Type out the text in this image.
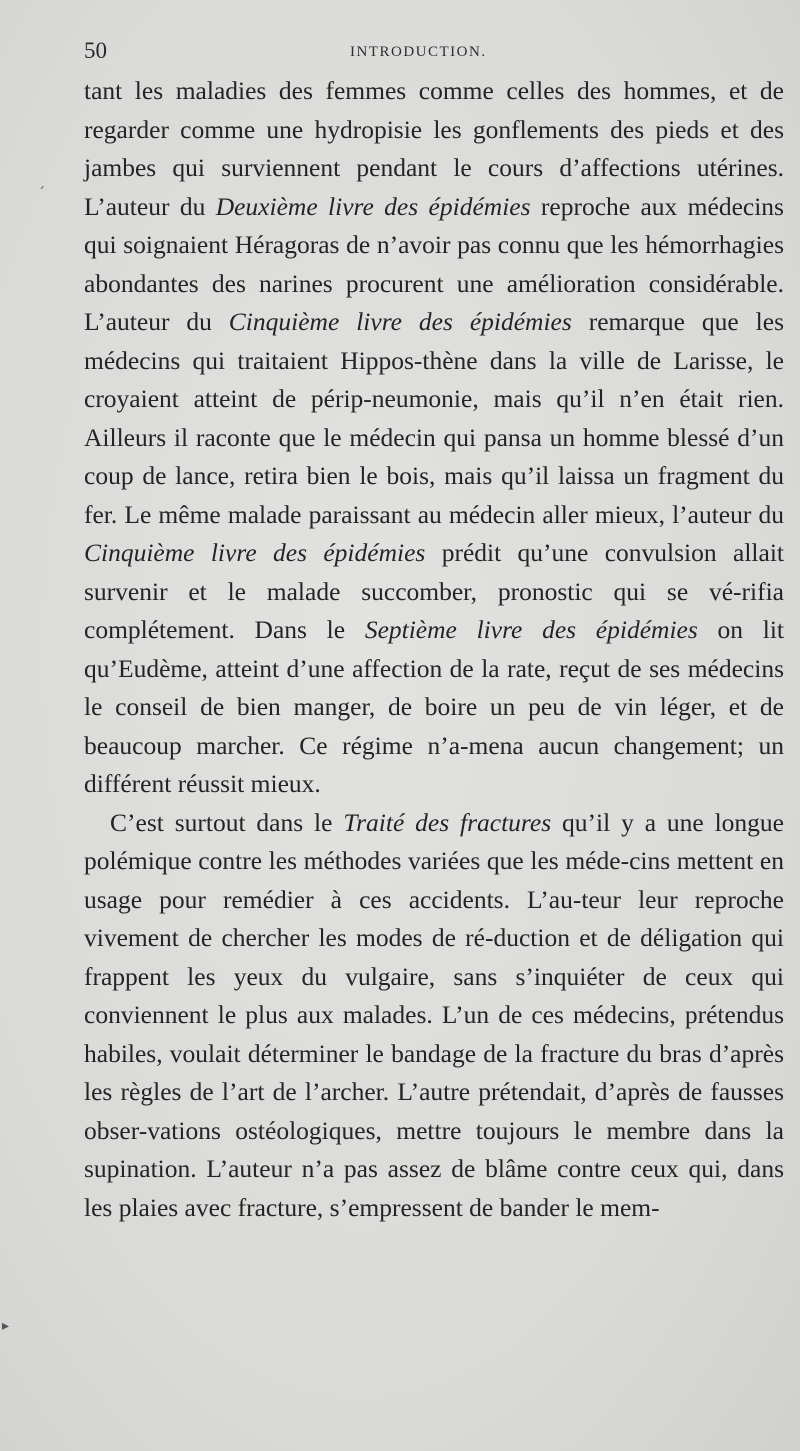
50	INTRODUCTION.

tant les maladies des femmes comme celles des hommes, et de regarder comme une hydropisie les gonflements des pieds et des jambes qui surviennent pendant le cours d’affections utérines. L’auteur du Deuxième livre des épidémies reproche aux médecins qui soignaient Héragoras de n’avoir pas connu que les hémorrhagies abondantes des narines procurent une amélioration considérable. L’auteur du Cinquième livre des épidémies remarque que les médecins qui traitaient Hippos-thène dans la ville de Larisse, le croyaient atteint de périp-neumonie, mais qu’il n’en était rien. Ailleurs il raconte que le médecin qui pansa un homme blessé d’un coup de lance, retira bien le bois, mais qu’il laissa un fragment du fer. Le même malade paraissant au médecin aller mieux, l’auteur du Cinquième livre des épidémies prédit qu’une convulsion allait survenir et le malade succomber, pronostic qui se vé-rifia complétement. Dans le Septième livre des épidémies on lit qu’Eudème, atteint d’une affection de la rate, reçut de ses médecins le conseil de bien manger, de boire un peu de vin léger, et de beaucoup marcher. Ce régime n’a-mena aucun changement; un différent réussit mieux.

C’est surtout dans le Traité des fractures qu’il y a une longue polémique contre les méthodes variées que les méde-cins mettent en usage pour remédier à ces accidents. L’au-teur leur reproche vivement de chercher les modes de ré-duction et de déligation qui frappent les yeux du vulgaire, sans s’inquiéter de ceux qui conviennent le plus aux malades. L’un de ces médecins, prétendus habiles, voulait déterminer le bandage de la fracture du bras d’après les règles de l’art de l’archer. L’autre prétendait, d’après de fausses obser-vations ostéologiques, mettre toujours le membre dans la supination. L’auteur n’a pas assez de blâme contre ceux qui, dans les plaies avec fracture, s’empressent de bander le mem-

ˊ
▸
